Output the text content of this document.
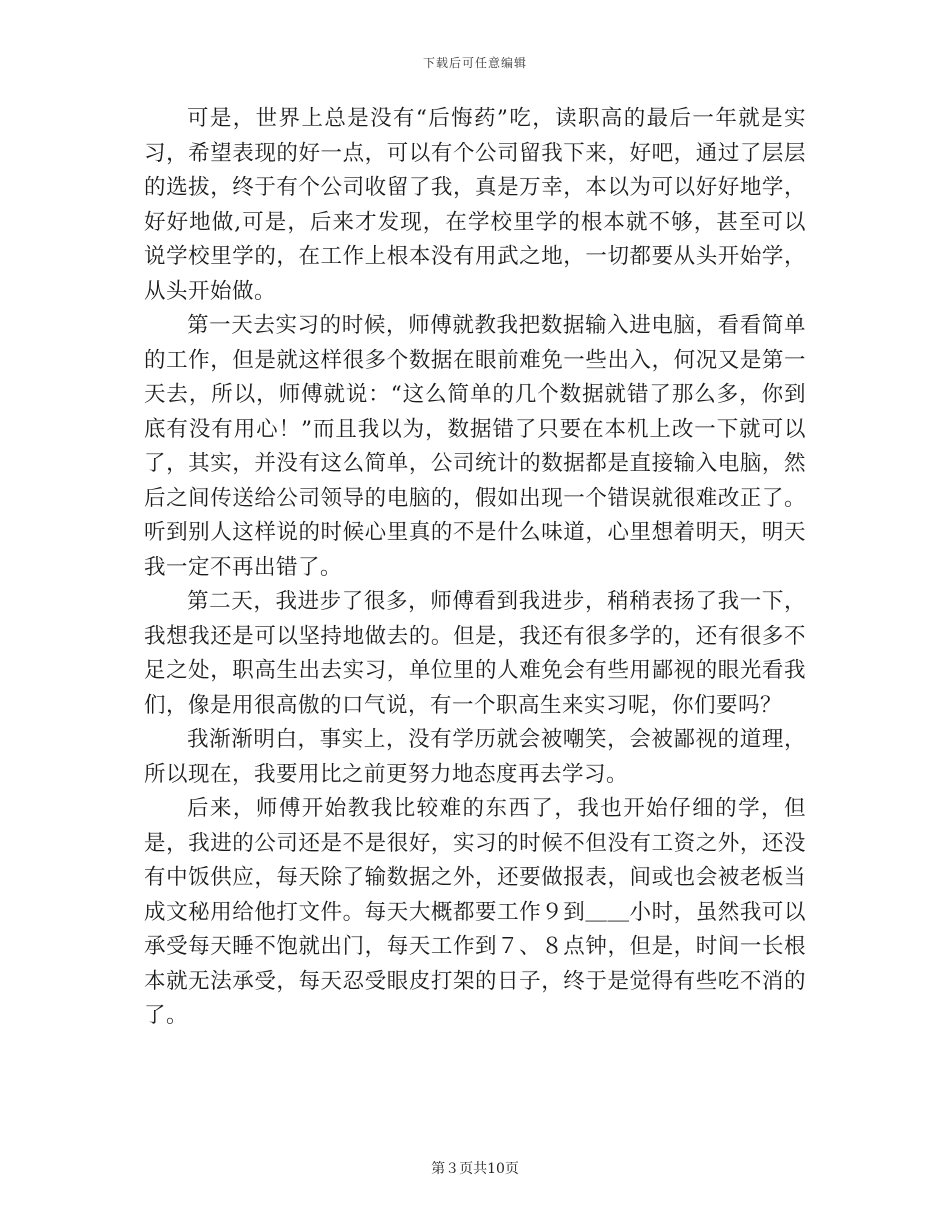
下载后可任意编辑

可是，世界上总是没有“后悔药”吃，读职高的最后一年就是实习，希望表现的好一点，可以有个公司留我下来，好吧，通过了层层的选拔，终于有个公司收留了我，真是万幸，本以为可以好好地学，好好地做,可是，后来才发现，在学校里学的根本就不够，甚至可以说学校里学的，在工作上根本没有用武之地，一切都要从头开始学，从头开始做。

第一天去实习的时候，师傅就教我把数据输入进电脑，看看简单的工作，但是就这样很多个数据在眼前难免一些出入，何况又是第一天去，所以，师傅就说：“这么简单的几个数据就错了那么多，你到底有没有用心！”而且我以为，数据错了只要在本机上改一下就可以了，其实，并没有这么简单，公司统计的数据都是直接输入电脑，然后之间传送给公司领导的电脑的，假如出现一个错误就很难改正了。听到别人这样说的时候心里真的不是什么味道，心里想着明天，明天我一定不再出错了。

第二天，我进步了很多，师傅看到我进步，稍稍表扬了我一下，我想我还是可以坚持地做去的。但是，我还有很多学的，还有很多不足之处，职高生出去实习，单位里的人难免会有些用鄙视的眼光看我们，像是用很高傲的口气说，有一个职高生来实习呢，你们要吗？

我渐渐明白，事实上，没有学历就会被嘲笑，会被鄙视的道理，所以现在，我要用比之前更努力地态度再去学习。

后来，师傅开始教我比较难的东西了，我也开始仔细的学，但是，我进的公司还是不是很好，实习的时候不但没有工资之外，还没有中饭供应，每天除了输数据之外，还要做报表，间或也会被老板当成文秘用给他打文件。每天大概都要工作９到＿＿小时，虽然我可以承受每天睡不饱就出门，每天工作到７、８点钟，但是，时间一长根本就无法承受，每天忍受眼皮打架的日子，终于是觉得有些吃不消的了。

第３页共10页
